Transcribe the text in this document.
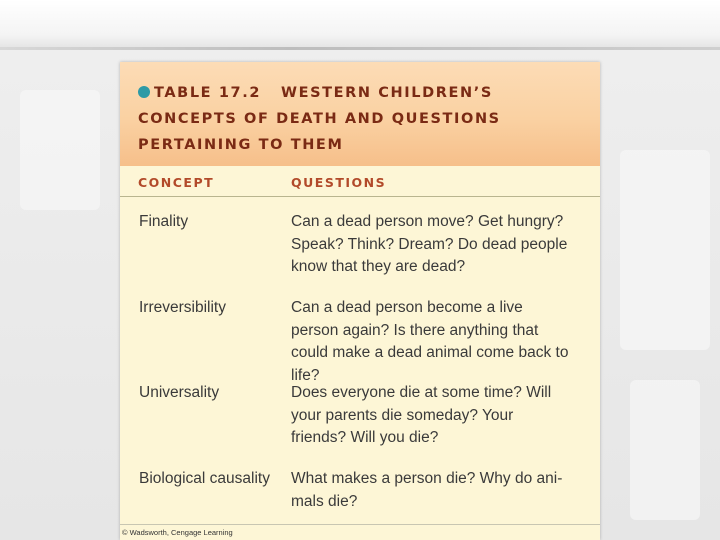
TABLE 17.2 WESTERN CHILDREN’S CONCEPTS OF DEATH AND QUESTIONS PERTAINING TO THEM
CONCEPT	QUESTIONS
Finality	Can a dead person move? Get hungry? Speak? Think? Dream? Do dead people know that they are dead?
Irreversibility	Can a dead person become a live person again? Is there anything that could make a dead animal come back to life?
Universality	Does everyone die at some time? Will your parents die someday? Your friends? Will you die?
Biological causality	What makes a person die? Why do ani-mals die?
© Wadsworth, Cengage Learning
